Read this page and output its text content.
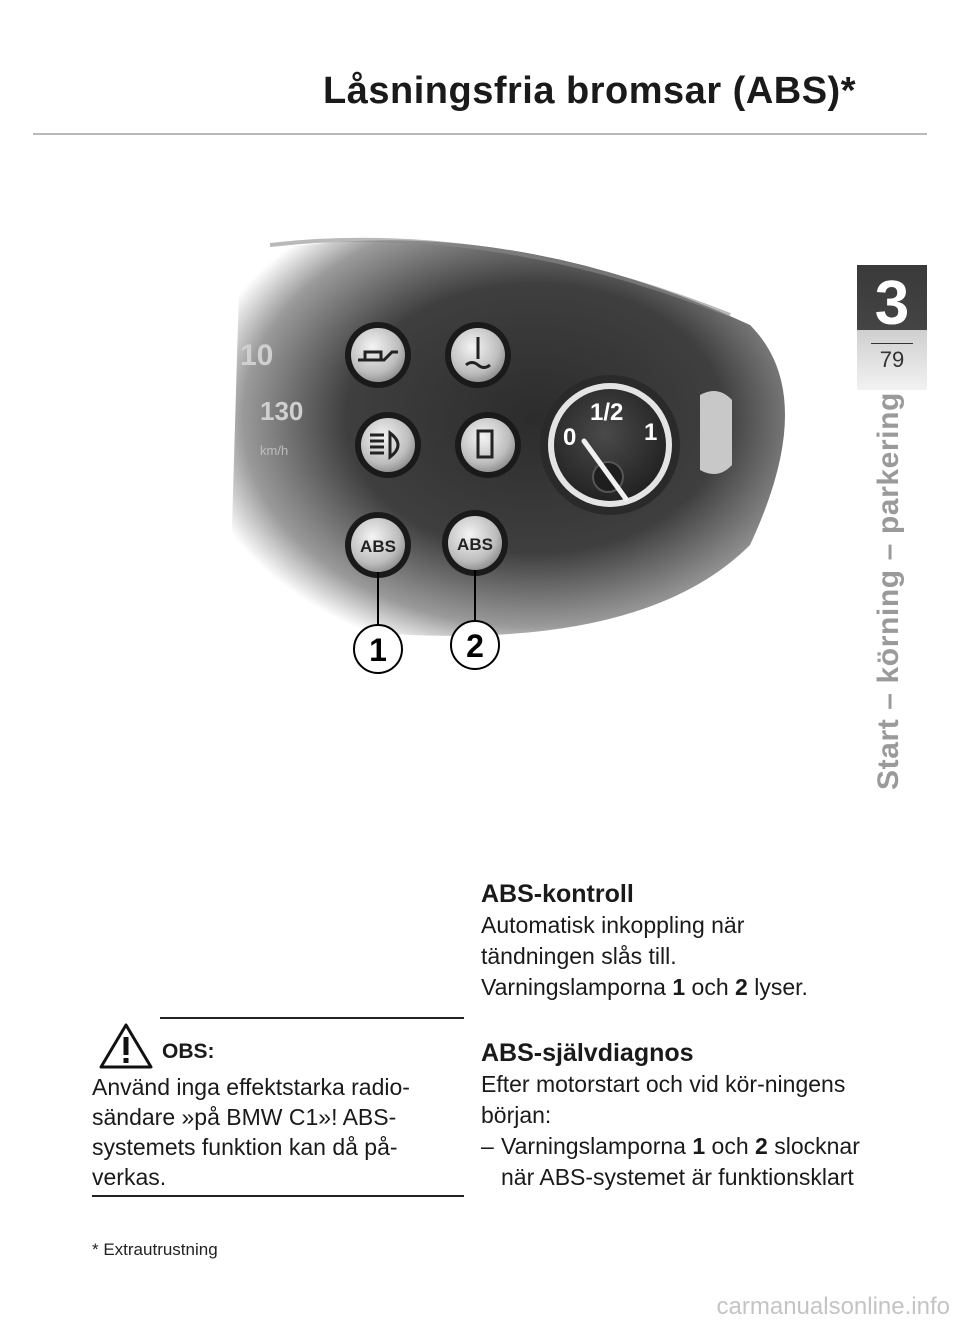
Låsningsfria bromsar (ABS)*
3
79
Start – körning – parkering
10
130
km/h	0
1/2
1
ABS	ABS
1 2
OBS:
Använd inga effektstarka radio-sändare »på BMW C1»! ABS-systemets funktion kan då på-verkas.
* Extrautrustning

ABS-kontroll

Automatisk inkoppling när tändningen slås till. Varningslamporna 1 och 2 lyser.

ABS-självdiagnos

Efter motorstart och vid kör-ningens början:

– Varningslamporna 1 och 2 slocknar när ABS-systemet är funktionsklart
carmanualsonline.info
